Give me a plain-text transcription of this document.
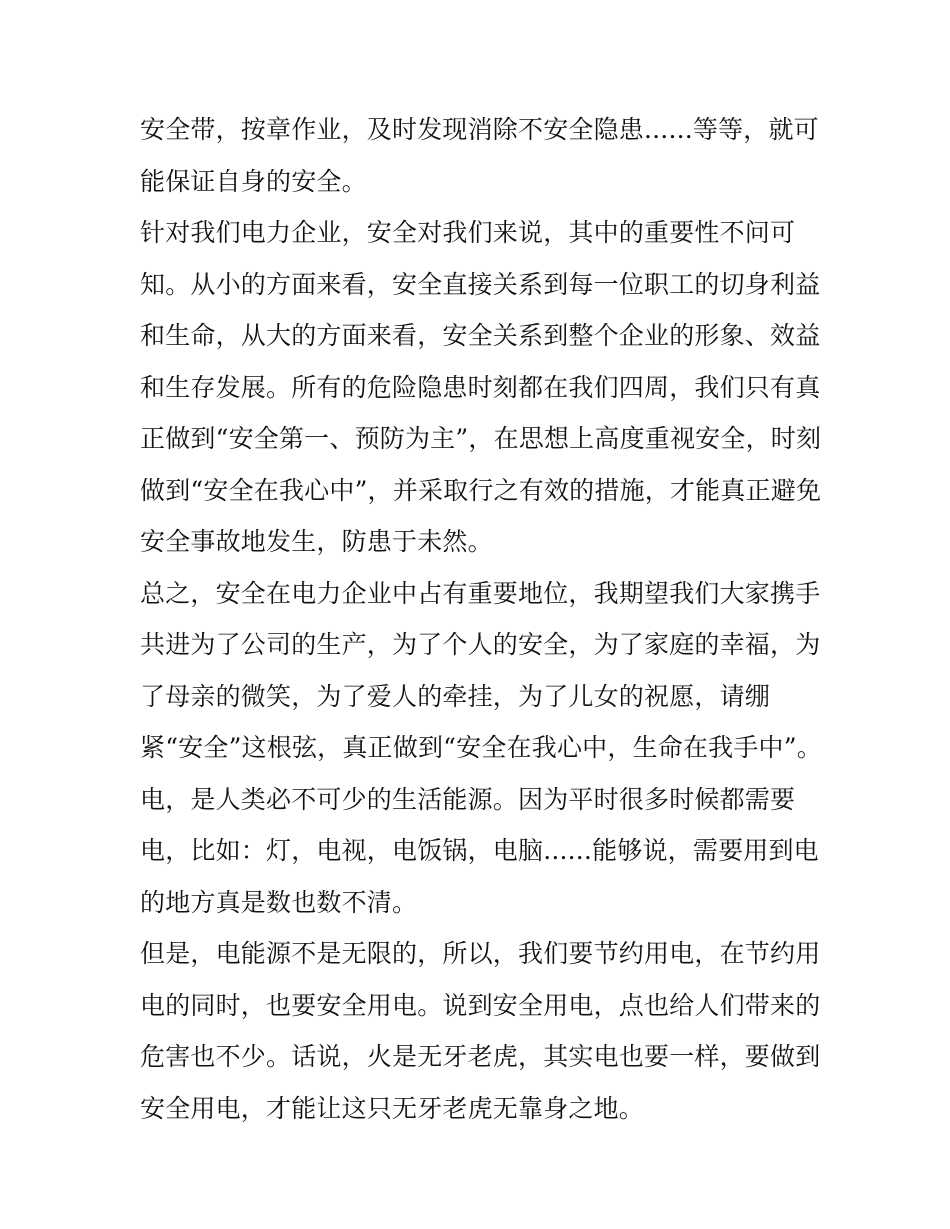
安全带，按章作业，及时发现消除不安全隐患......等等，就可
能保证自身的安全。
针对我们电力企业，安全对我们来说，其中的重要性不问可
知。从小的方面来看，安全直接关系到每一位职工的切身利益
和生命，从大的方面来看，安全关系到整个企业的形象、效益
和生存发展。所有的危险隐患时刻都在我们四周，我们只有真
正做到“安全第一、预防为主”，在思想上高度重视安全，时刻
做到“安全在我心中”，并采取行之有效的措施，才能真正避免
安全事故地发生，防患于未然。
总之，安全在电力企业中占有重要地位，我期望我们大家携手
共进为了公司的生产，为了个人的安全，为了家庭的幸福，为
了母亲的微笑，为了爱人的牵挂，为了儿女的祝愿，请绷
紧“安全”这根弦，真正做到“安全在我心中，生命在我手中”。
电，是人类必不可少的生活能源。因为平时很多时候都需要
电，比如：灯，电视，电饭锅，电脑......能够说，需要用到电
的地方真是数也数不清。
但是，电能源不是无限的，所以，我们要节约用电，在节约用
电的同时，也要安全用电。说到安全用电，点也给人们带来的
危害也不少。话说，火是无牙老虎，其实电也要一样，要做到
安全用电，才能让这只无牙老虎无靠身之地。
